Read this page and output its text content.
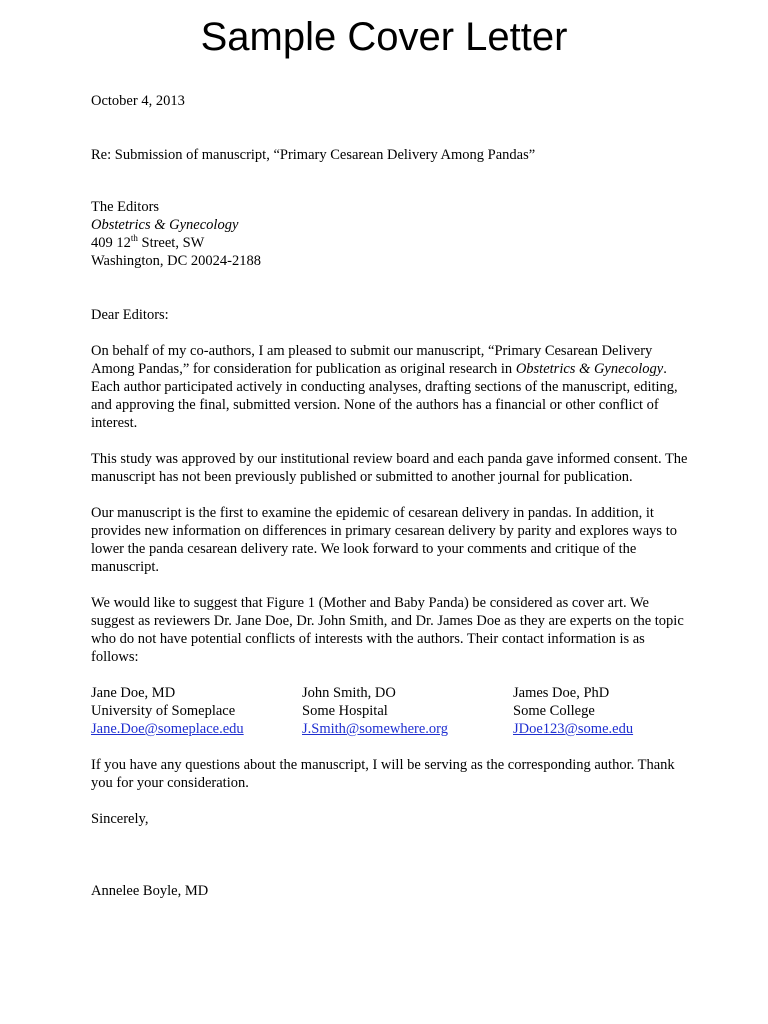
Sample Cover Letter

October 4, 2013

Re: Submission of manuscript, “Primary Cesarean Delivery Among Pandas”

The Editors
Obstetrics & Gynecology
409 12th Street, SW
Washington, DC 20024-2188

Dear Editors:

On behalf of my co-authors, I am pleased to submit our manuscript, “Primary Cesarean Delivery Among Pandas,” for consideration for publication as original research in Obstetrics & Gynecology. Each author participated actively in conducting analyses, drafting sections of the manuscript, editing, and approving the final, submitted version. None of the authors has a financial or other conflict of interest.

This study was approved by our institutional review board and each panda gave informed consent. The manuscript has not been previously published or submitted to another journal for publication.

Our manuscript is the first to examine the epidemic of cesarean delivery in pandas. In addition, it provides new information on differences in primary cesarean delivery by parity and explores ways to lower the panda cesarean delivery rate. We look forward to your comments and critique of the manuscript.

We would like to suggest that Figure 1 (Mother and Baby Panda) be considered as cover art. We suggest as reviewers Dr. Jane Doe, Dr. John Smith, and Dr. James Doe as they are experts on the topic who do not have potential conflicts of interests with the authors. Their contact information is as follows:

Jane Doe, MD
University of Someplace
Jane.Doe@someplace.edu
John Smith, DO
Some Hospital
J.Smith@somewhere.org
James Doe, PhD
Some College
JDoe123@some.edu

If you have any questions about the manuscript, I will be serving as the corresponding author. Thank you for your consideration.

Sincerely,

Annelee Boyle, MD
